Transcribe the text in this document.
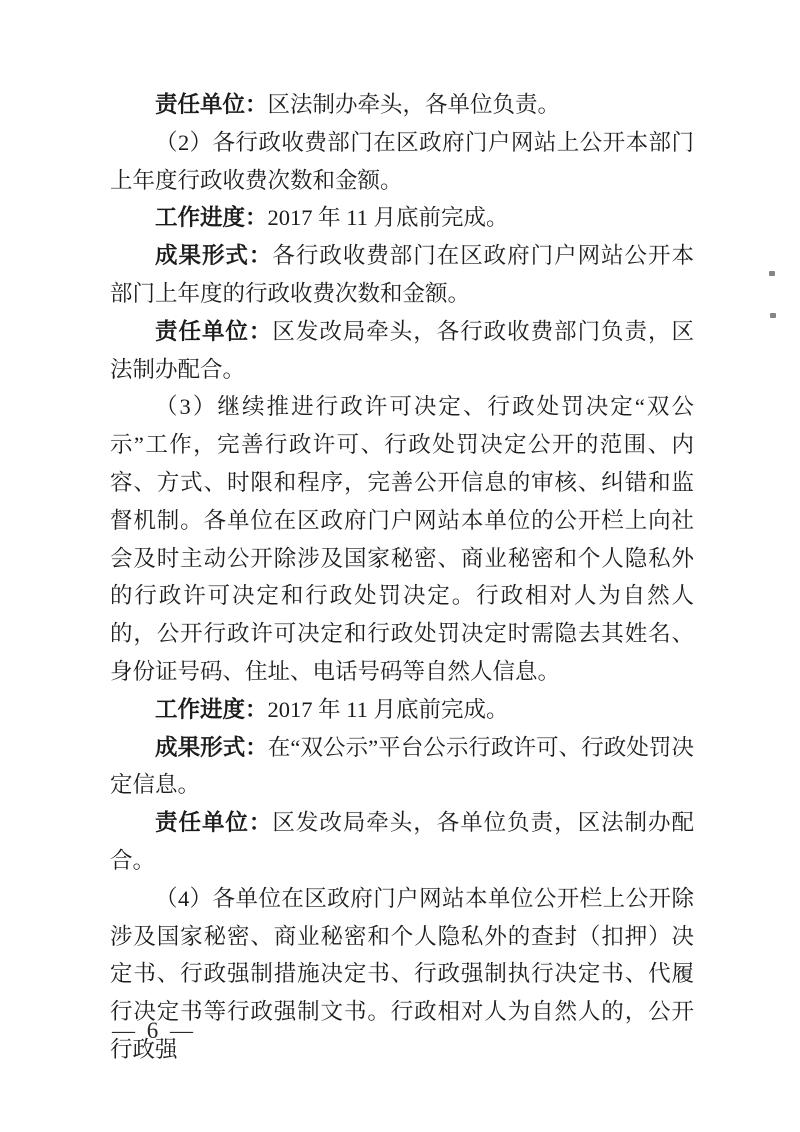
责任单位：区法制办牵头，各单位负责。

（2）各行政收费部门在区政府门户网站上公开本部门上年度行政收费次数和金额。

工作进度：2017 年 11 月底前完成。

成果形式：各行政收费部门在区政府门户网站公开本部门上年度的行政收费次数和金额。

责任单位：区发改局牵头，各行政收费部门负责，区法制办配合。

（3）继续推进行政许可决定、行政处罚决定“双公示”工作，完善行政许可、行政处罚决定公开的范围、内容、方式、时限和程序，完善公开信息的审核、纠错和监督机制。各单位在区政府门户网站本单位的公开栏上向社会及时主动公开除涉及国家秘密、商业秘密和个人隐私外的行政许可决定和行政处罚决定。行政相对人为自然人的，公开行政许可决定和行政处罚决定时需隐去其姓名、身份证号码、住址、电话号码等自然人信息。

工作进度：2017 年 11 月底前完成。

成果形式：在“双公示”平台公示行政许可、行政处罚决定信息。

责任单位：区发改局牵头，各单位负责，区法制办配合。

（4）各单位在区政府门户网站本单位公开栏上公开除涉及国家秘密、商业秘密和个人隐私外的查封（扣押）决定书、行政强制措施决定书、行政强制执行决定书、代履行决定书等行政强制文书。行政相对人为自然人的，公开行政强

— 6 —
